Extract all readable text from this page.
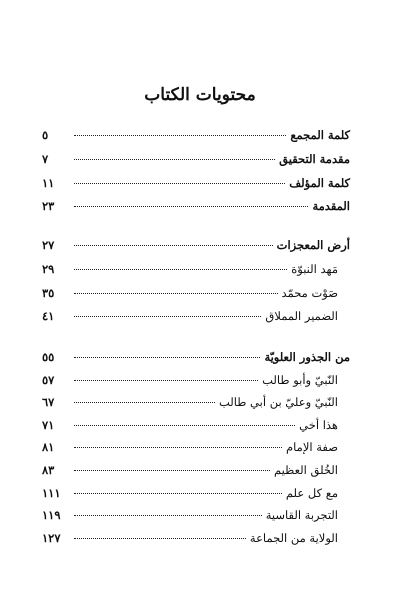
محتويات الكتاب
كلمة المجمع
٥
مقدمة التحقيق
٧
كلمة المؤلف
١١
المقدمة
٢٣
أرض المعجزات
٢٧
مَهد النبوّة
٢٩
صَوْت محمّد
٣٥
الضمير المملاق
٤١
من الجذور العلويّة
٥٥
النّبيّ وأبو طالب
٥٧
النّبيّ وعليّ بن أبي طالب
٦٧
هذا أخي
٧١
صفة الإمام
٨١
الخُلق العظيم
٨٣
مع كل علم
١١١
التجربة القاسية
١١٩
الولاية من الجماعة
١٢٧
